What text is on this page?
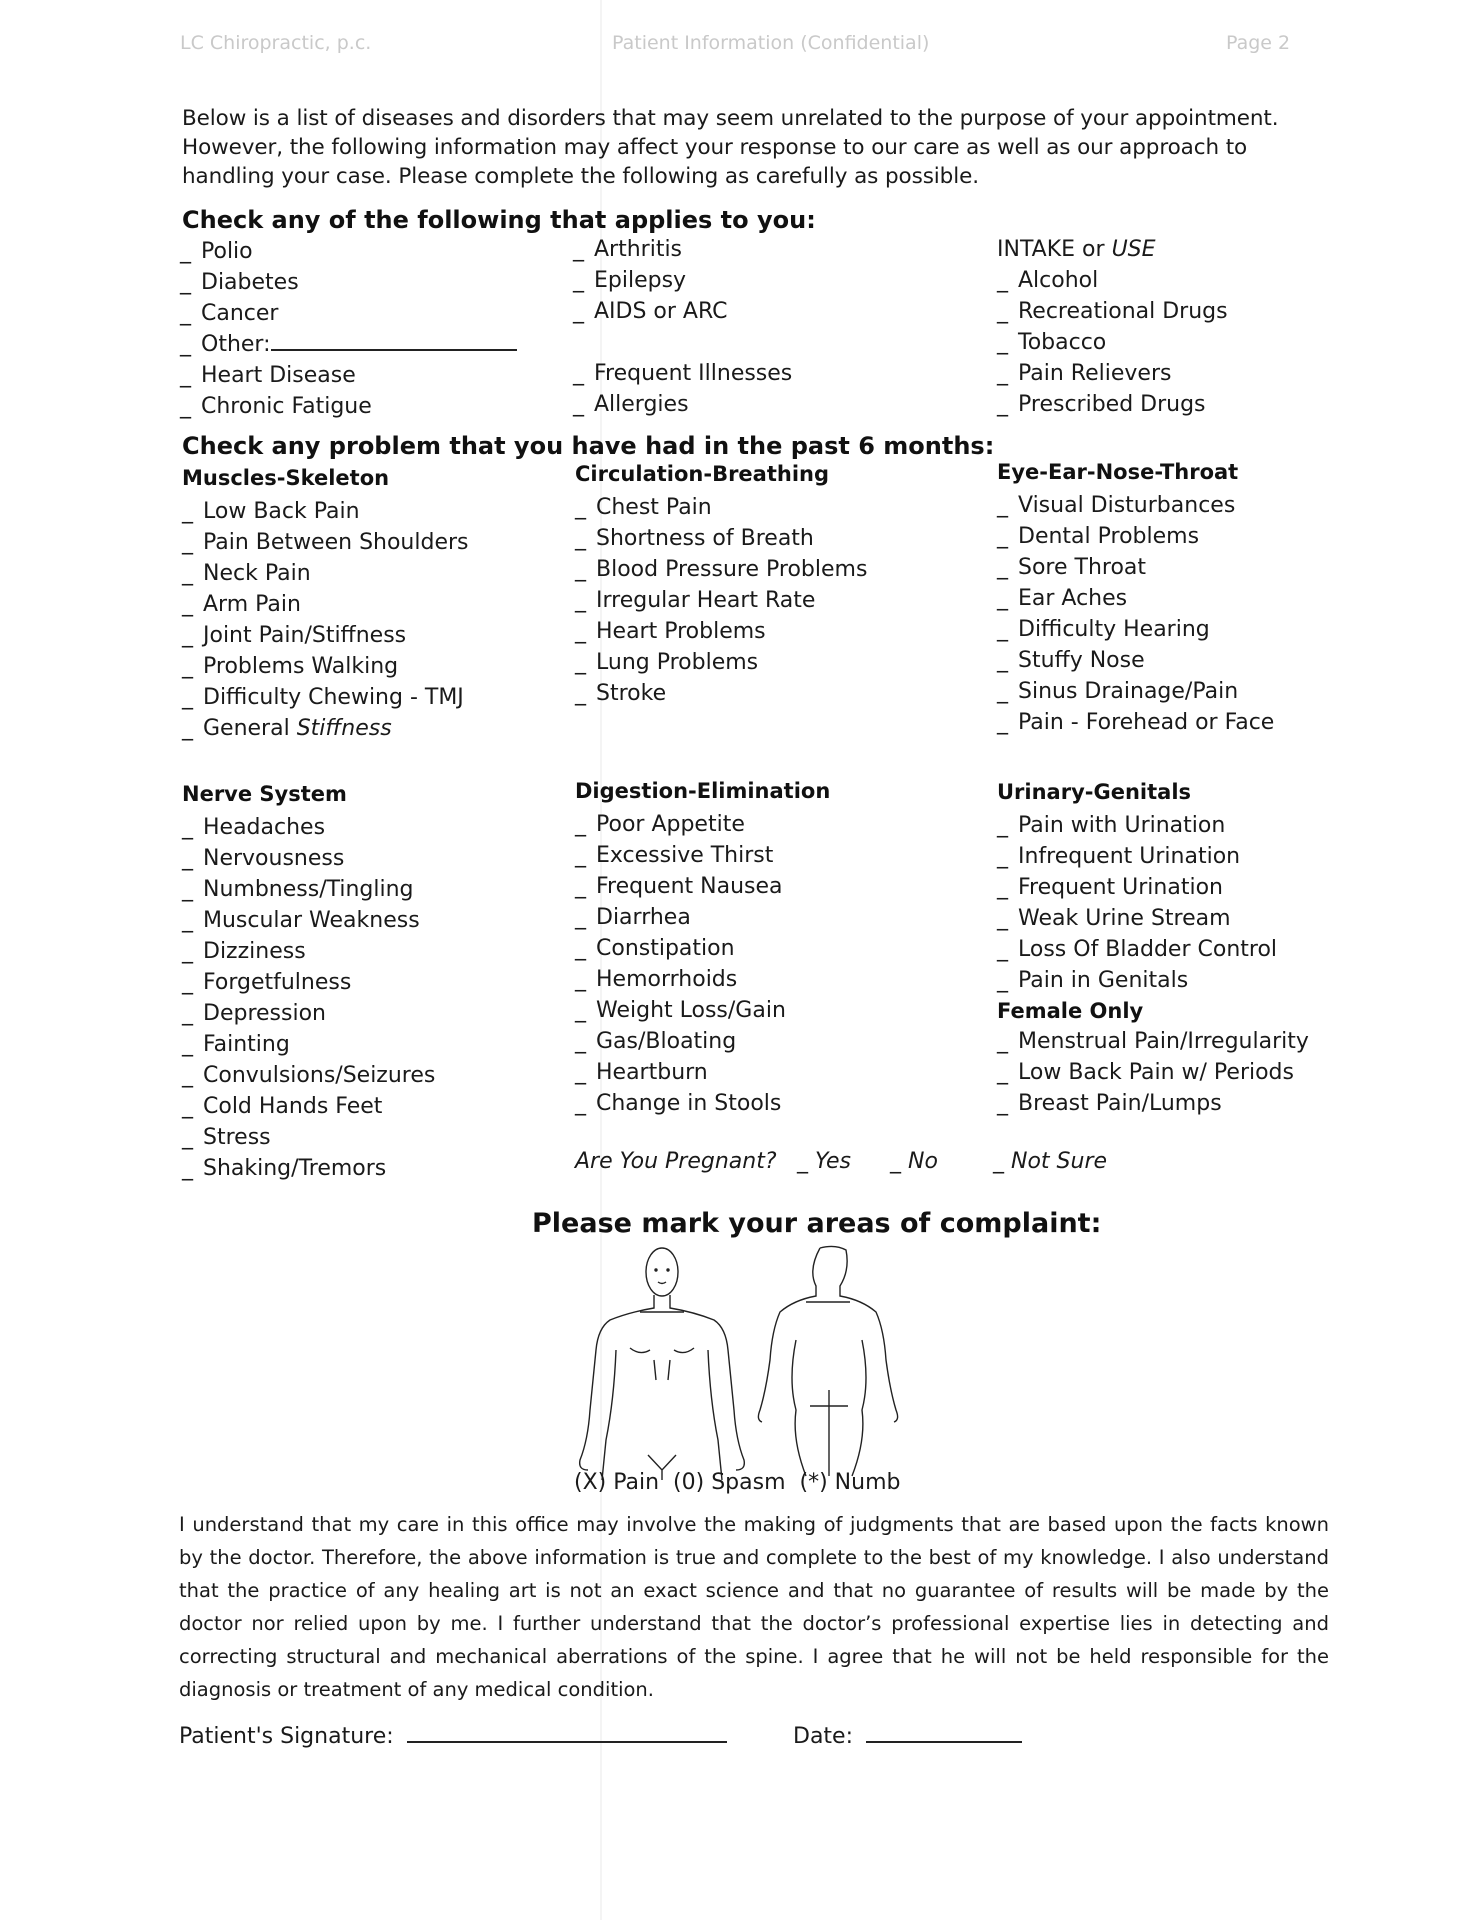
LC Chiropractic, p.c.	Patient Information (Confidential)	Page 2
Below is a list of diseases and disorders that may seem unrelated to the purpose of your appointment. However, the following information may affect your response to our care as well as our approach to handling your case. Please complete the following as carefully as possible.
Check any of the following that applies to you:
_ Polio
_ Diabetes
_ Cancer
_ Other:
_ Heart Disease
_ Chronic Fatigue
_ Arthritis
_ Epilepsy
_ AIDS or ARC
_ Frequent Illnesses
_ Allergies
INTAKE or USE
_ Alcohol
_ Recreational Drugs
_ Tobacco
_ Pain Relievers
_ Prescribed Drugs
Check any problem that you have had in the past 6 months:
Muscles-Skeleton
_ Low Back Pain
_ Pain Between Shoulders
_ Neck Pain
_ Arm Pain
_ Joint Pain/Stiffness
_ Problems Walking
_ Difficulty Chewing - TMJ
_ General Stiffness
Circulation-Breathing
_ Chest Pain
_ Shortness of Breath
_ Blood Pressure Problems
_ Irregular Heart Rate
_ Heart Problems
_ Lung Problems
_ Stroke
Eye-Ear-Nose-Throat
_ Visual Disturbances
_ Dental Problems
_ Sore Throat
_ Ear Aches
_ Difficulty Hearing
_ Stuffy Nose
_ Sinus Drainage/Pain
_ Pain - Forehead or Face
Nerve System
_ Headaches
_ Nervousness
_ Numbness/Tingling
_ Muscular Weakness
_ Dizziness
_ Forgetfulness
_ Depression
_ Fainting
_ Convulsions/Seizures
_ Cold Hands Feet
_ Stress
_ Shaking/Tremors
Digestion-Elimination
_ Poor Appetite
_ Excessive Thirst
_ Frequent Nausea
_ Diarrhea
_ Constipation
_ Hemorrhoids
_ Weight Loss/Gain
_ Gas/Bloating
_ Heartburn
_ Change in Stools
Urinary-Genitals
_ Pain with Urination
_ Infrequent Urination
_ Frequent Urination
_ Weak Urine Stream
_ Loss Of Bladder Control
_ Pain in Genitals
Female Only
_ Menstrual Pain/Irregularity
_ Low Back Pain w/ Periods
_ Breast Pain/Lumps
Are You Pregnant? _ Yes _ No	_ Not Sure
Please mark your areas of complaint:
(X) Pain (0) Spasm (*) Numb
I understand that my care in this office may involve the making of judgments that are based upon the facts known by the doctor. Therefore, the above information is true and complete to the best of my knowledge. I also understand that the practice of any healing art is not an exact science and that no guarantee of results will be made by the doctor nor relied upon by me. I further understand that the doctor’s professional expertise lies in detecting and correcting structural and mechanical aberrations of the spine. I agree that he will not be held responsible for the diagnosis or treatment of any medical condition.
Patient's Signature:	Date:
